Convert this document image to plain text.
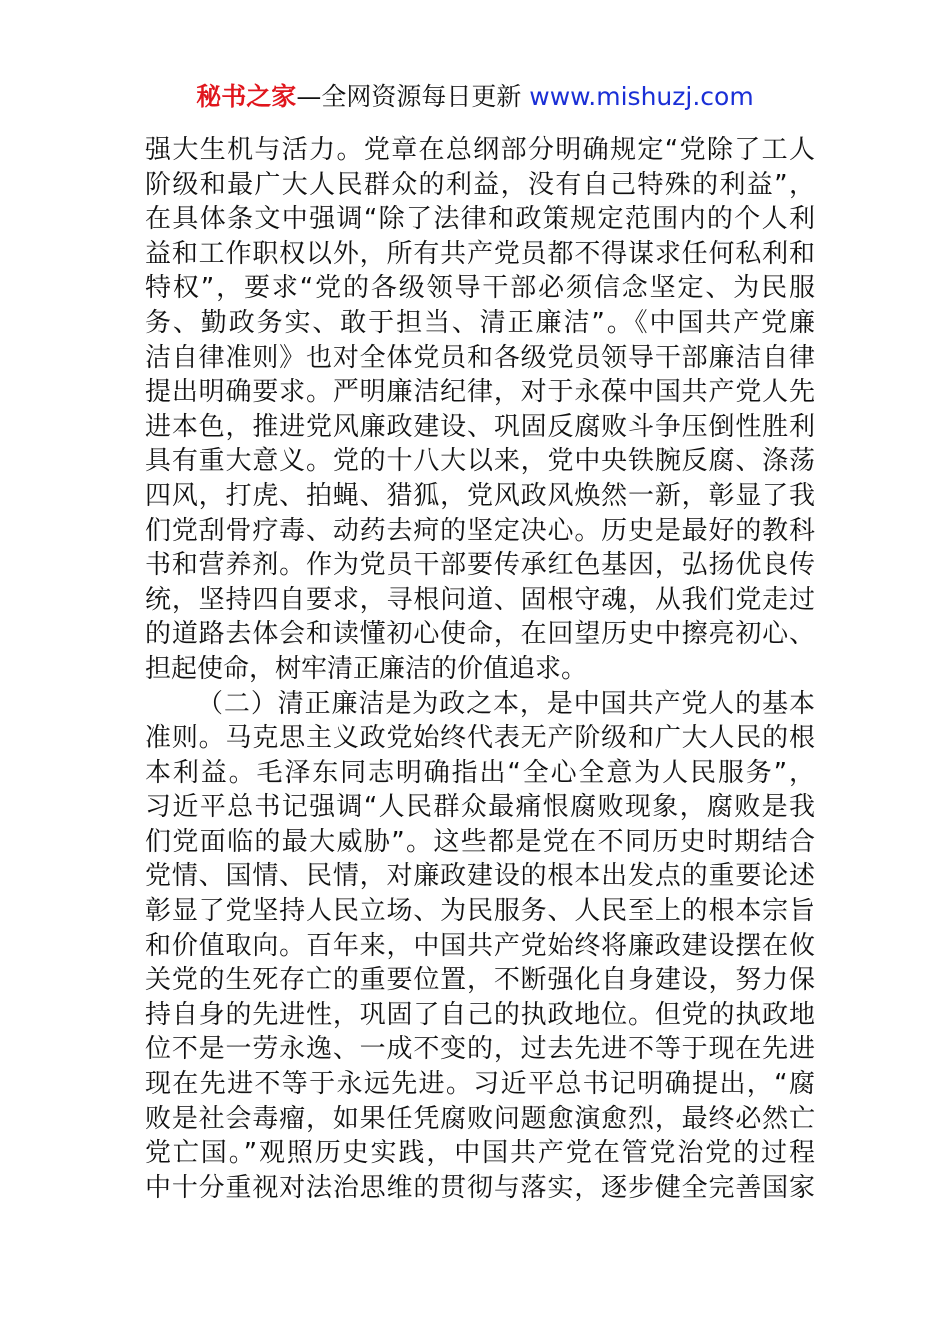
秘书之家—全网资源每日更新 www.mishuzj.com
强大生机与活力。党章在总纲部分明确规定“党除了工人
阶级和最广大人民群众的利益，没有自己特殊的利益”，
在具体条文中强调“除了法律和政策规定范围内的个人利
益和工作职权以外，所有共产党员都不得谋求任何私利和
特权”，要求“党的各级领导干部必须信念坚定、为民服
务、勤政务实、敢于担当、清正廉洁”。《中国共产党廉
洁自律准则》也对全体党员和各级党员领导干部廉洁自律
提出明确要求。严明廉洁纪律，对于永葆中国共产党人先
进本色，推进党风廉政建设、巩固反腐败斗争压倒性胜利
具有重大意义。党的十八大以来，党中央铁腕反腐、涤荡
四风，打虎、拍蝇、猎狐，党风政风焕然一新，彰显了我
们党刮骨疗毒、动药去疴的坚定决心。历史是最好的教科
书和营养剂。作为党员干部要传承红色基因，弘扬优良传
统，坚持四自要求，寻根问道、固根守魂，从我们党走过
的道路去体会和读懂初心使命，在回望历史中擦亮初心、
担起使命，树牢清正廉洁的价值追求。
（二）清正廉洁是为政之本，是中国共产党人的基本
准则。马克思主义政党始终代表无产阶级和广大人民的根
本利益。毛泽东同志明确指出“全心全意为人民服务”，
习近平总书记强调“人民群众最痛恨腐败现象，腐败是我
们党面临的最大威胁”。这些都是党在不同历史时期结合
党情、国情、民情，对廉政建设的根本出发点的重要论述
彰显了党坚持人民立场、为民服务、人民至上的根本宗旨
和价值取向。百年来，中国共产党始终将廉政建设摆在攸
关党的生死存亡的重要位置，不断强化自身建设，努力保
持自身的先进性，巩固了自己的执政地位。但党的执政地
位不是一劳永逸、一成不变的，过去先进不等于现在先进
现在先进不等于永远先进。习近平总书记明确提出，“腐
败是社会毒瘤，如果任凭腐败问题愈演愈烈，最终必然亡
党亡国。”观照历史实践，中国共产党在管党治党的过程
中十分重视对法治思维的贯彻与落实，逐步健全完善国家
